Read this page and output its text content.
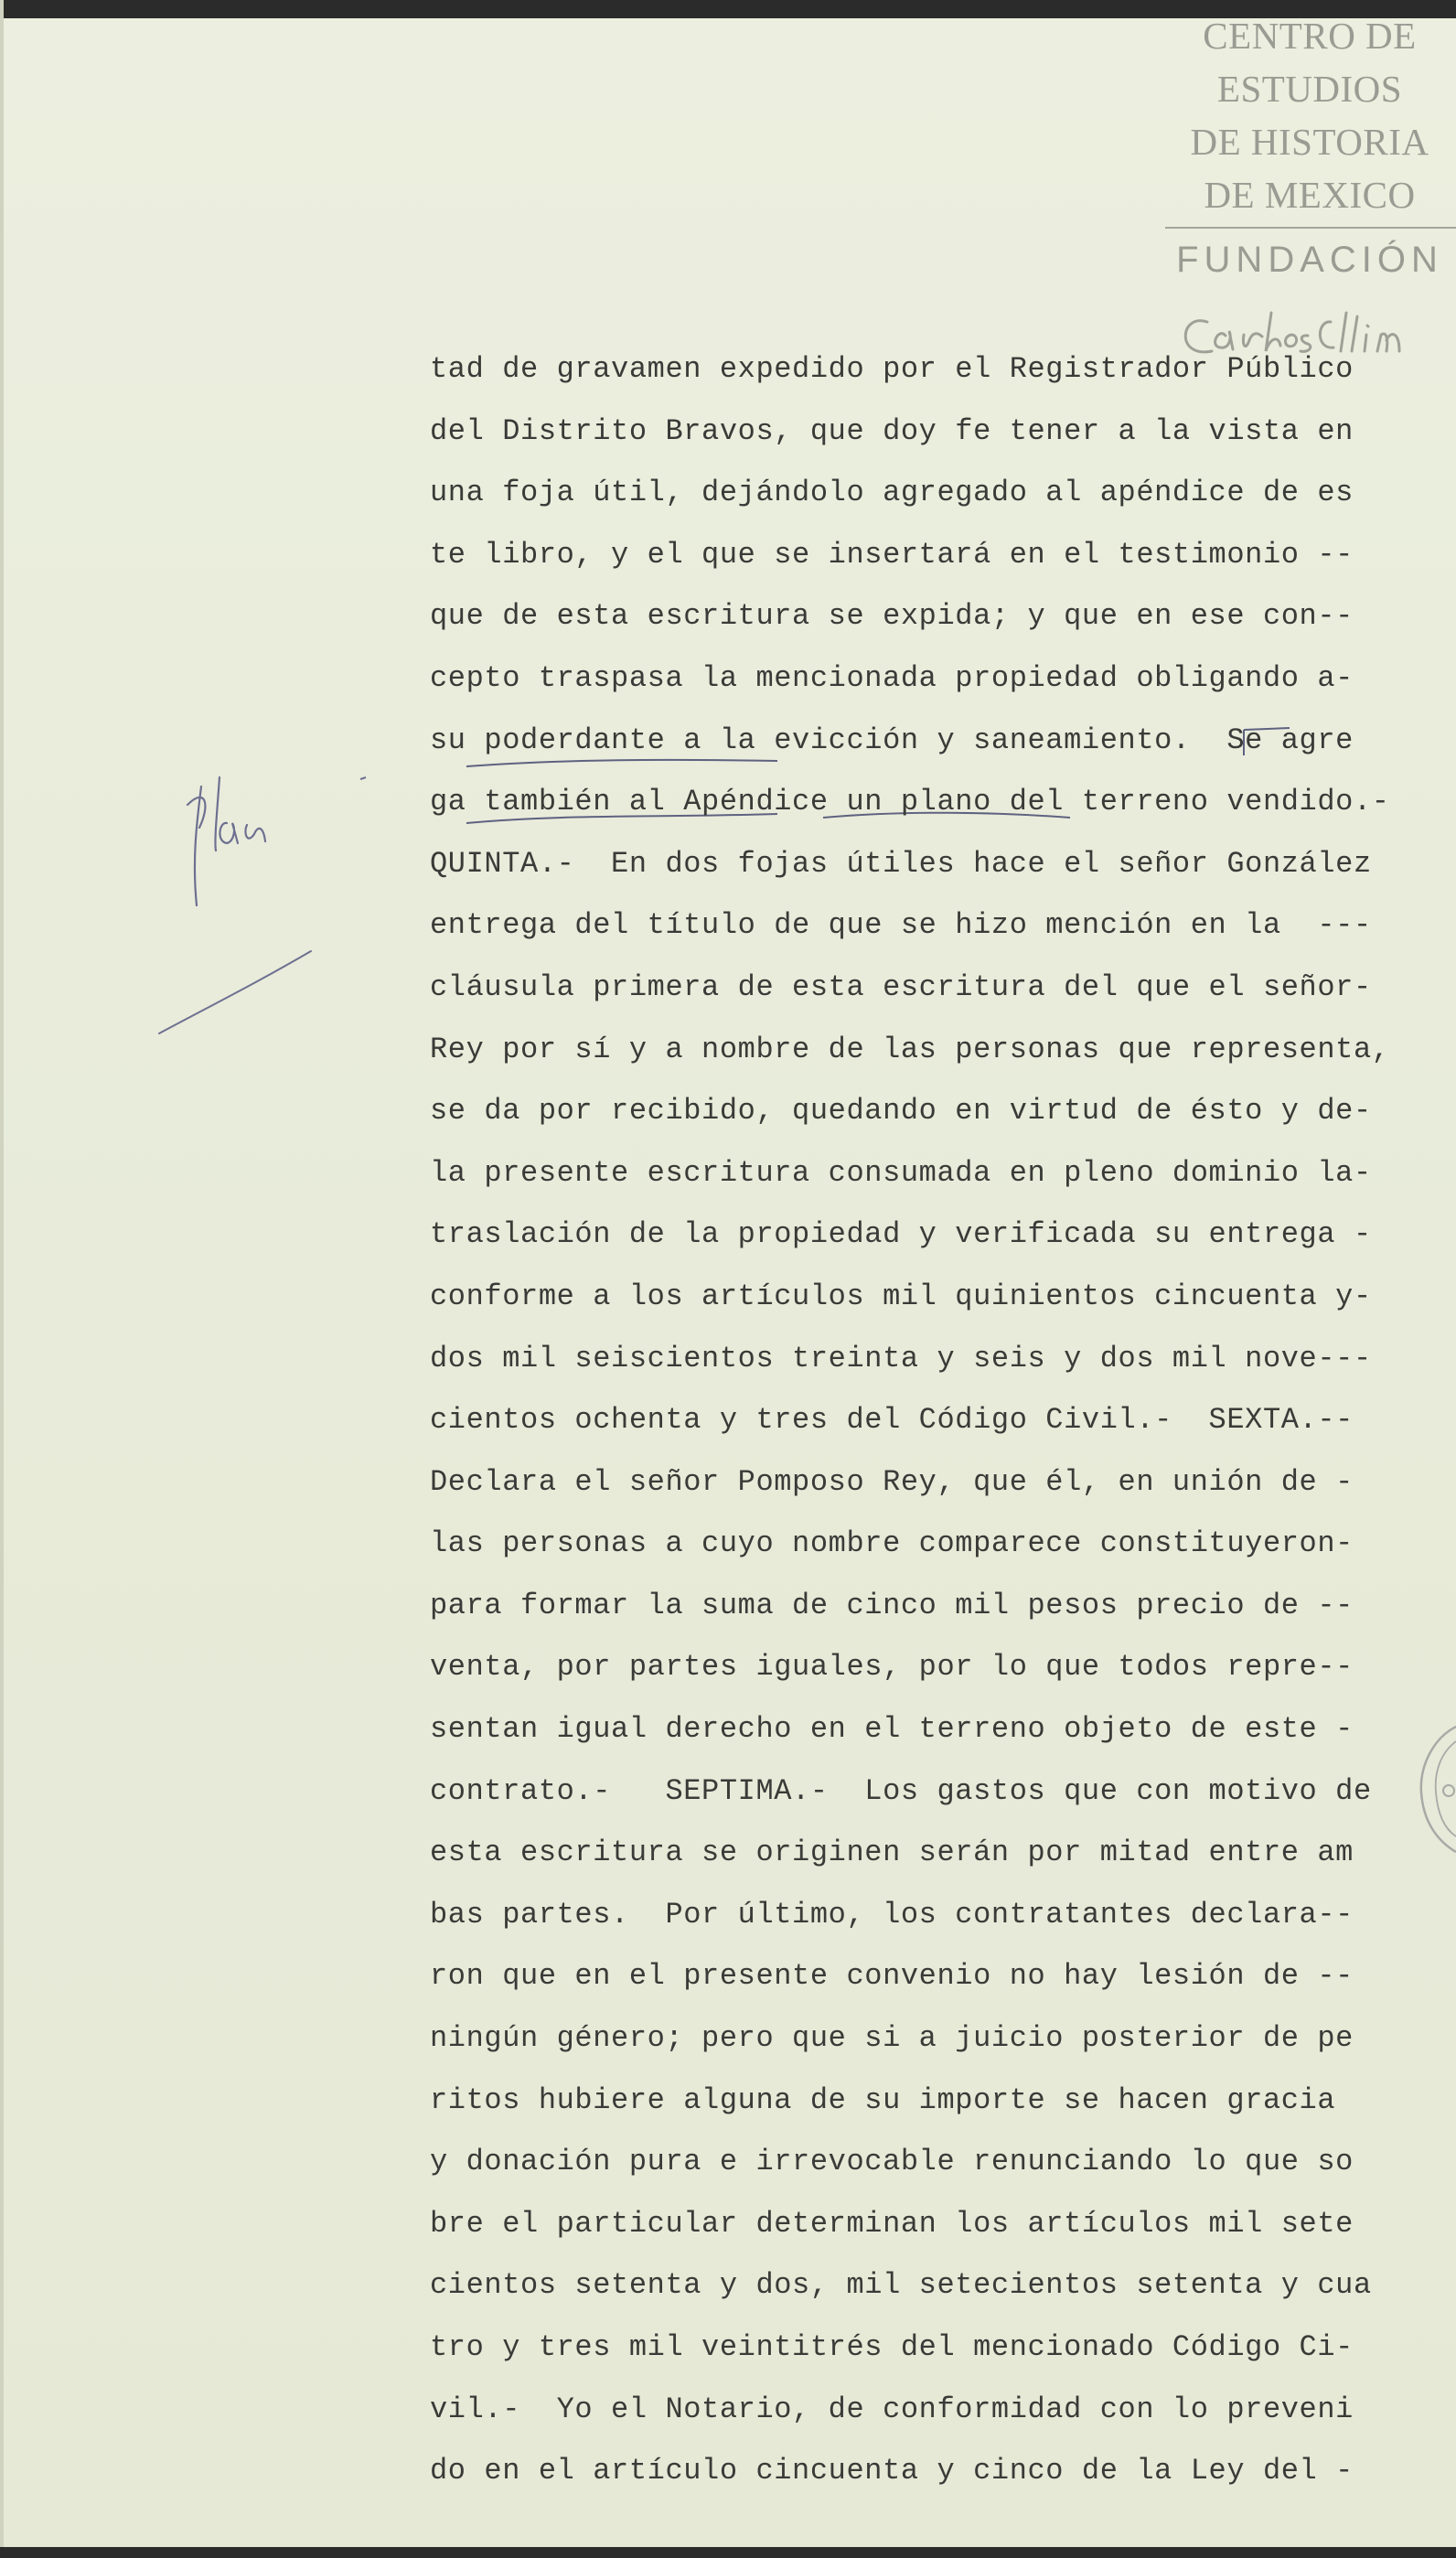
CENTRO DE
ESTUDIOS
DE HISTORIA
DE MEXICO
FUNDACIÓN
tad de gravamen expedido por el Registrador Público
del Distrito Bravos, que doy fe tener a la vista en
una foja útil, dejándolo agregado al apéndice de es
te libro, y el que se insertará en el testimonio --
que de esta escritura se expida; y que en ese con--
cepto traspasa la mencionada propiedad obligando a-
su poderdante a la evicción y saneamiento.  Se agre
ga también al Apéndice un plano del terreno vendido.-
QUINTA.-  En dos fojas útiles hace el señor González
entrega del título de que se hizo mención en la  ---
cláusula primera de esta escritura del que el señor-
Rey por sí y a nombre de las personas que representa,
se da por recibido, quedando en virtud de ésto y de-
la presente escritura consumada en pleno dominio la-
traslación de la propiedad y verificada su entrega -
conforme a los artículos mil quinientos cincuenta y-
dos mil seiscientos treinta y seis y dos mil nove---
cientos ochenta y tres del Código Civil.-  SEXTA.--
Declara el señor Pomposo Rey, que él, en unión de -
las personas a cuyo nombre comparece constituyeron-
para formar la suma de cinco mil pesos precio de --
venta, por partes iguales, por lo que todos repre--
sentan igual derecho en el terreno objeto de este -
contrato.-   SEPTIMA.-  Los gastos que con motivo de
esta escritura se originen serán por mitad entre am
bas partes.  Por último, los contratantes declara--
ron que en el presente convenio no hay lesión de --
ningún género; pero que si a juicio posterior de pe
ritos hubiere alguna de su importe se hacen gracia
y donación pura e irrevocable renunciando lo que so
bre el particular determinan los artículos mil sete
cientos setenta y dos, mil setecientos setenta y cua
tro y tres mil veintitrés del mencionado Código Ci-
vil.-  Yo el Notario, de conformidad con lo preveni
do en el artículo cincuenta y cinco de la Ley del -
